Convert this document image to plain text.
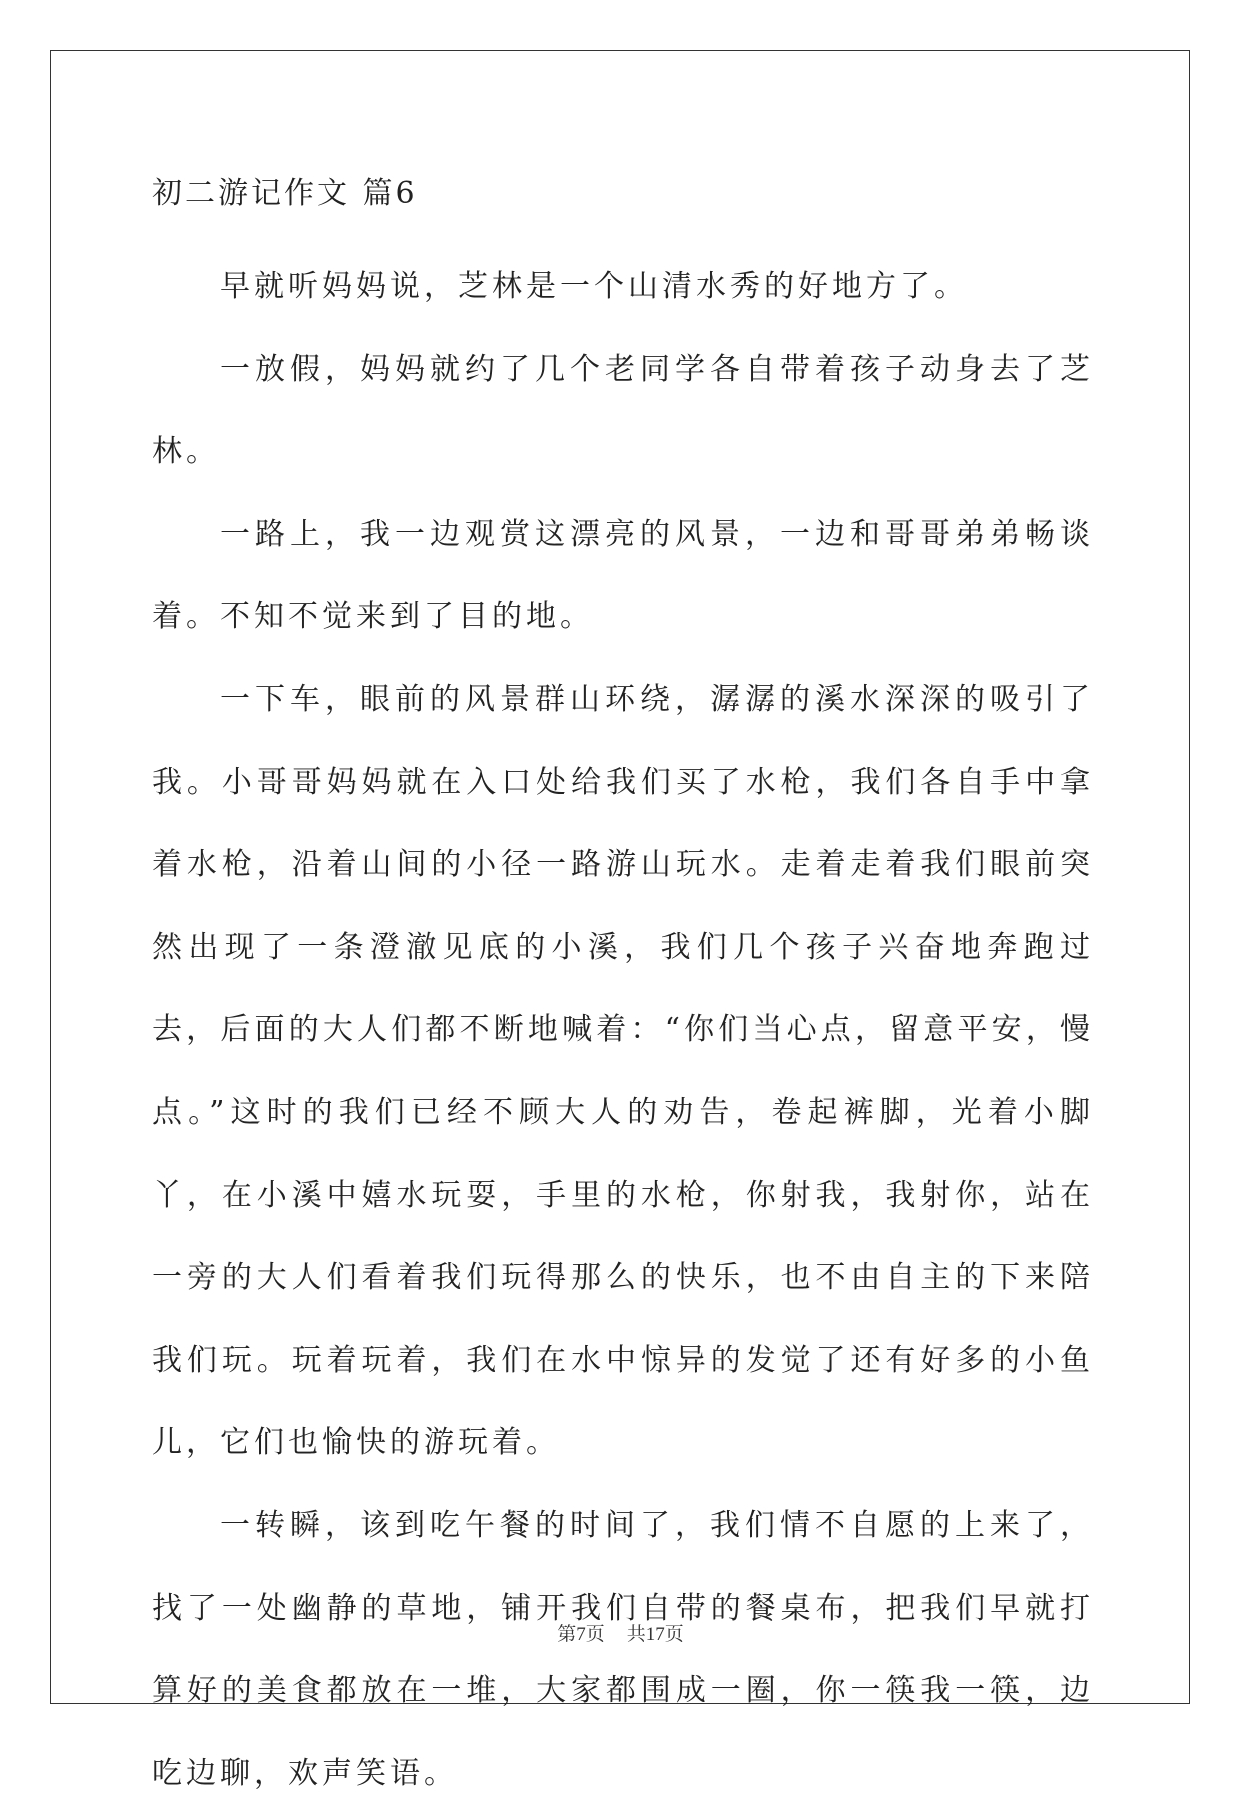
初二游记作文 篇6

早就听妈妈说，芝林是一个山清水秀的好地方了。

一放假，妈妈就约了几个老同学各自带着孩子动身去了芝林。

一路上，我一边观赏这漂亮的风景，一边和哥哥弟弟畅谈着。不知不觉来到了目的地。

一下车，眼前的风景群山环绕，潺潺的溪水深深的吸引了我。小哥哥妈妈就在入口处给我们买了水枪，我们各自手中拿着水枪，沿着山间的小径一路游山玩水。走着走着我们眼前突然出现了一条澄澈见底的小溪，我们几个孩子兴奋地奔跑过去，后面的大人们都不断地喊着：“你们当心点，留意平安，慢点。”这时的我们已经不顾大人的劝告，卷起裤脚，光着小脚丫，在小溪中嬉水玩耍，手里的水枪，你射我，我射你，站在一旁的大人们看着我们玩得那么的快乐，也不由自主的下来陪我们玩。玩着玩着，我们在水中惊异的发觉了还有好多的小鱼儿，它们也愉快的游玩着。

一转瞬，该到吃午餐的时间了，我们情不自愿的上来了，找了一处幽静的草地，铺开我们自带的餐桌布，把我们早就打算好的美食都放在一堆，大家都围成一圈，你一筷我一筷，边吃边聊，欢声笑语。

第7页 共17页
